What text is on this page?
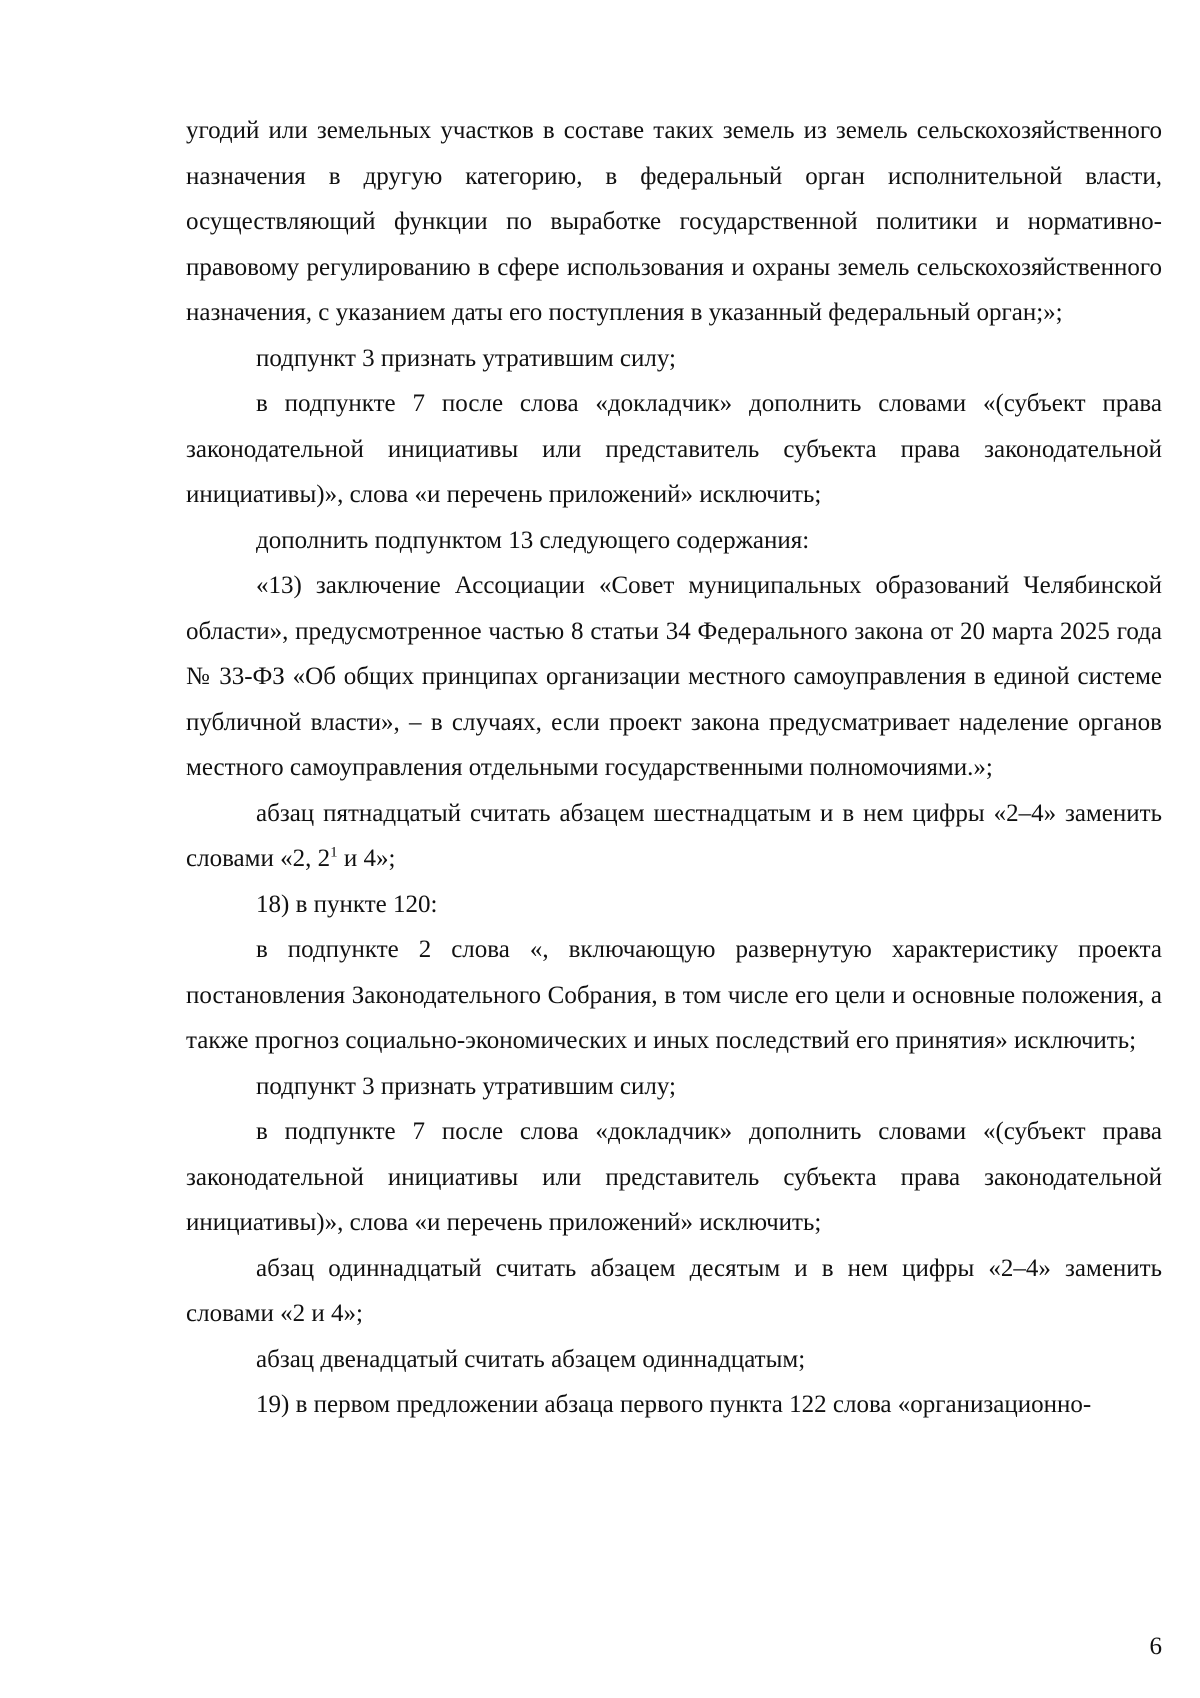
угодий или земельных участков в составе таких земель из земель сельскохозяйственного назначения в другую категорию, в федеральный орган исполнительной власти, осуществляющий функции по выработке государственной политики и нормативно-правовому регулированию в сфере использования и охраны земель сельскохозяйственного назначения, с указанием даты его поступления в указанный федеральный орган;»;

подпункт 3 признать утратившим силу;

в подпункте 7 после слова «докладчик» дополнить словами «(субъект права законодательной инициативы или представитель субъекта права законодательной инициативы)», слова «и перечень приложений» исключить;

дополнить подпунктом 13 следующего содержания:

«13) заключение Ассоциации «Совет муниципальных образований Челябинской области», предусмотренное частью 8 статьи 34 Федерального закона от 20 марта 2025 года № 33-ФЗ «Об общих принципах организации местного самоуправления в единой системе публичной власти», – в случаях, если проект закона предусматривает наделение органов местного самоуправления отдельными государственными полномочиями.»;

абзац пятнадцатый считать абзацем шестнадцатым и в нем цифры «2–4» заменить словами «2, $2^1$ и 4»;

18) в пункте 120:

в подпункте 2 слова «, включающую развернутую характеристику проекта постановления Законодательного Собрания, в том числе его цели и основные положения, а также прогноз социально-экономических и иных последствий его принятия» исключить;

подпункт 3 признать утратившим силу;

в подпункте 7 после слова «докладчик» дополнить словами «(субъект права законодательной инициативы или представитель субъекта права законодательной инициативы)», слова «и перечень приложений» исключить;

абзац одиннадцатый считать абзацем десятым и в нем цифры «2–4» заменить словами «2 и 4»;

абзац двенадцатый считать абзацем одиннадцатым;

19) в первом предложении абзаца первого пункта 122 слова «организационно-

6
